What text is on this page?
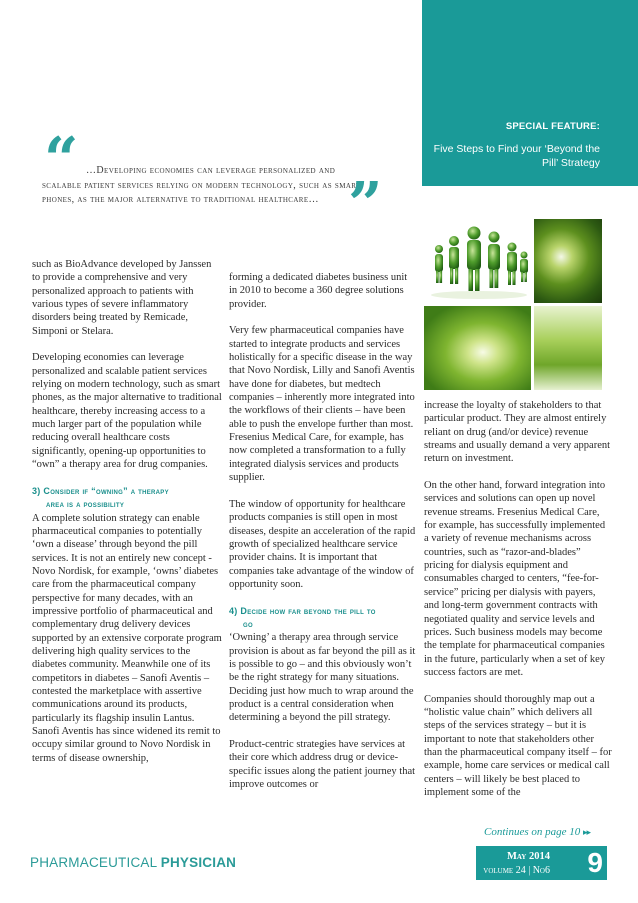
SPECIAL FEATURE:
Five Steps to Find your ‘Beyond the Pill’ Strategy
“ …Developing economies can leverage personalized and scalable patient services relying on modern technology, such as smart phones, as the major alternative to traditional healthcare… ”

such as BioAdvance developed by Janssen to provide a comprehensive and very personalized approach to patients with various types of severe inflammatory disorders being treated by Remicade, Simponi or Stelara.

Developing economies can leverage personalized and scalable patient services relying on modern technology, such as smart phones, as the major alternative to traditional healthcare, thereby increasing access to a much larger part of the population while reducing overall healthcare costs significantly, opening-up opportunities to “own” a therapy area for drug companies.

3) Consider if “owning” a therapy
area is a possibility

A complete solution strategy can enable pharmaceutical companies to potentially ‘own a disease’ through beyond the pill services. It is not an entirely new concept - Novo Nordisk, for example, ‘owns’ diabetes care from the pharmaceutical company perspective for many decades, with an impressive portfolio of pharmaceutical and complementary drug delivery devices supported by an extensive corporate program delivering high quality services to the diabetes community. Meanwhile one of its competitors in diabetes – Sanofi Aventis –contested the marketplace with assertive communications around its products, particularly its flagship insulin Lantus. Sanofi Aventis has since widened its remit to occupy similar ground to Novo Nordisk in terms of disease ownership,

forming a dedicated diabetes business unit in 2010 to become a 360 degree solutions provider.

Very few pharmaceutical companies have started to integrate products and services holistically for a specific disease in the way that Novo Nordisk, Lilly and Sanofi Aventis have done for diabetes, but medtech companies – inherently more integrated into the workflows of their clients – have been able to push the envelope further than most. Fresenius Medical Care, for example, has now completed a transformation to a fully integrated dialysis services and products supplier.

The window of opportunity for healthcare products companies is still open in most diseases, despite an acceleration of the rapid growth of specialized healthcare service provider chains. It is important that companies take advantage of the window of opportunity soon.

4) Decide how far beyond the pill to
go

‘Owning’ a therapy area through service provision is about as far beyond the pill as it is possible to go – and this obviously won’t be the right strategy for many situations. Deciding just how much to wrap around the product is a central consideration when determining a beyond the pill strategy.

Product-centric strategies have services at their core which address drug or device-specific issues along the patient journey that improve outcomes or

increase the loyalty of stakeholders to that particular product. They are almost entirely reliant on drug (and/or device) revenue streams and usually demand a very apparent return on investment.

On the other hand, forward integration into services and solutions can open up novel revenue streams. Fresenius Medical Care, for example, has successfully implemented a variety of revenue mechanisms across countries, such as “razor-and-blades” pricing for dialysis equipment and consumables charged to centers, “fee-for-service” pricing per dialysis with payers, and long-term government contracts with negotiated quality and service levels and prices. Such business models may become the template for pharmaceutical companies in the future, particularly when a set of key success factors are met.

Companies should thoroughly map out a “holistic value chain” which delivers all steps of the services strategy – but it is important to note that stakeholders other than the pharmaceutical company itself – for example, home care services or medical call centers – will likely be best placed to implement some of the

Continues on page 10 ▸▸
PHARMACEUTICAL PHYSICIAN	May 2014
volume 24 | No6 9
